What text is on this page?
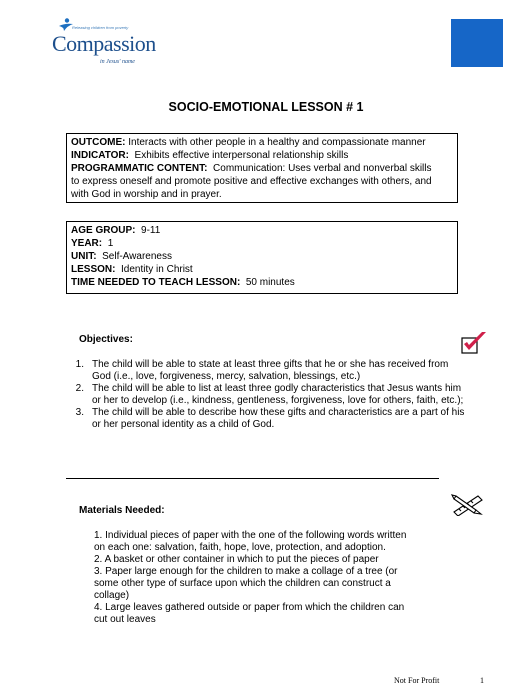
Releasing children from poverty
Compassion
in Jesus' name
SOCIO-EMOTIONAL LESSON # 1

OUTCOME: Interacts with other people in a healthy and compassionate manner

INDICATOR: Exhibits effective interpersonal relationship skills

PROGRAMMATIC CONTENT: Communication: Uses verbal and nonverbal skills

to express oneself and promote positive and effective exchanges with others, and

with God in worship and in prayer.

AGE GROUP: 9-11

YEAR: 1

UNIT: Self-Awareness

LESSON: Identity in Christ

TIME NEEDED TO TEACH LESSON: 50 minutes

Objectives:
1. The child will be able to state at least three gifts that he or she has received from
God (i.e., love, forgiveness, mercy, salvation, blessings, etc.)
2. The child will be able to list at least three godly characteristics that Jesus wants him
or her to develop (i.e., kindness, gentleness, forgiveness, love for others, faith, etc.);
3. The child will be able to describe how these gifts and characteristics are a part of his
or her personal identity as a child of God.
Materials Needed:
1. Individual pieces of paper with the one of the following words written
on each one: salvation, faith, hope, love, protection, and adoption.
2. A basket or other container in which to put the pieces of paper
3. Paper large enough for the children to make a collage of a tree (or
some other type of surface upon which the children can construct a
collage)
4. Large leaves gathered outside or paper from which the children can
cut out leaves
Not For Profit	1
